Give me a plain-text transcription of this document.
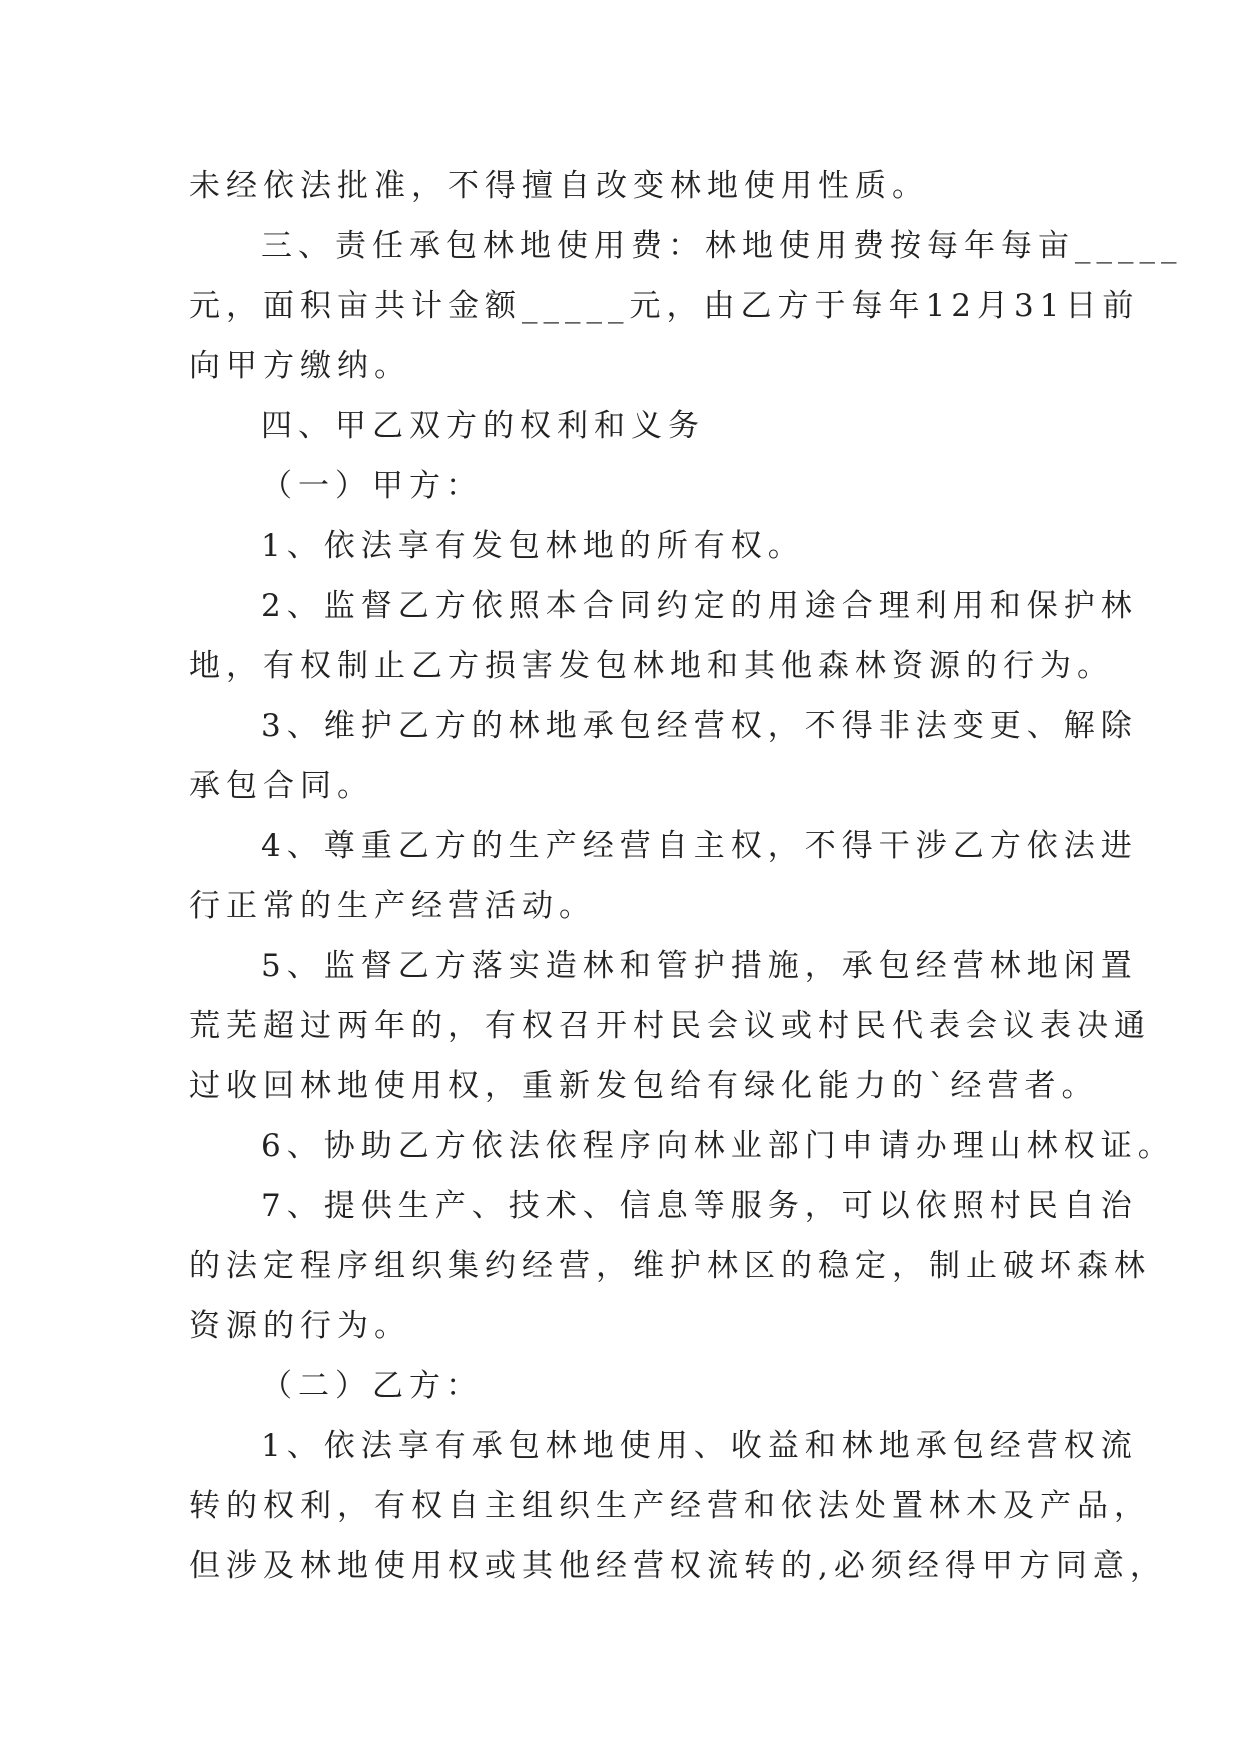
未经依法批准，不得擅自改变林地使用性质。
三、责任承包林地使用费：林地使用费按每年每亩_____
元，面积亩共计金额_____元，由乙方于每年12月31日前
向甲方缴纳。
四、甲乙双方的权利和义务
（一）甲方：
1、依法享有发包林地的所有权。
2、监督乙方依照本合同约定的用途合理利用和保护林
地，有权制止乙方损害发包林地和其他森林资源的行为。
3、维护乙方的林地承包经营权，不得非法变更、解除
承包合同。
4、尊重乙方的生产经营自主权，不得干涉乙方依法进
行正常的生产经营活动。
5、监督乙方落实造林和管护措施，承包经营林地闲置
荒芜超过两年的，有权召开村民会议或村民代表会议表决通
过收回林地使用权，重新发包给有绿化能力的`经营者。
6、协助乙方依法依程序向林业部门申请办理山林权证。
7、提供生产、技术、信息等服务，可以依照村民自治
的法定程序组织集约经营，维护林区的稳定，制止破坏森林
资源的行为。
（二）乙方：
1、依法享有承包林地使用、收益和林地承包经营权流
转的权利，有权自主组织生产经营和依法处置林木及产品，
但涉及林地使用权或其他经营权流转的,必须经得甲方同意，
